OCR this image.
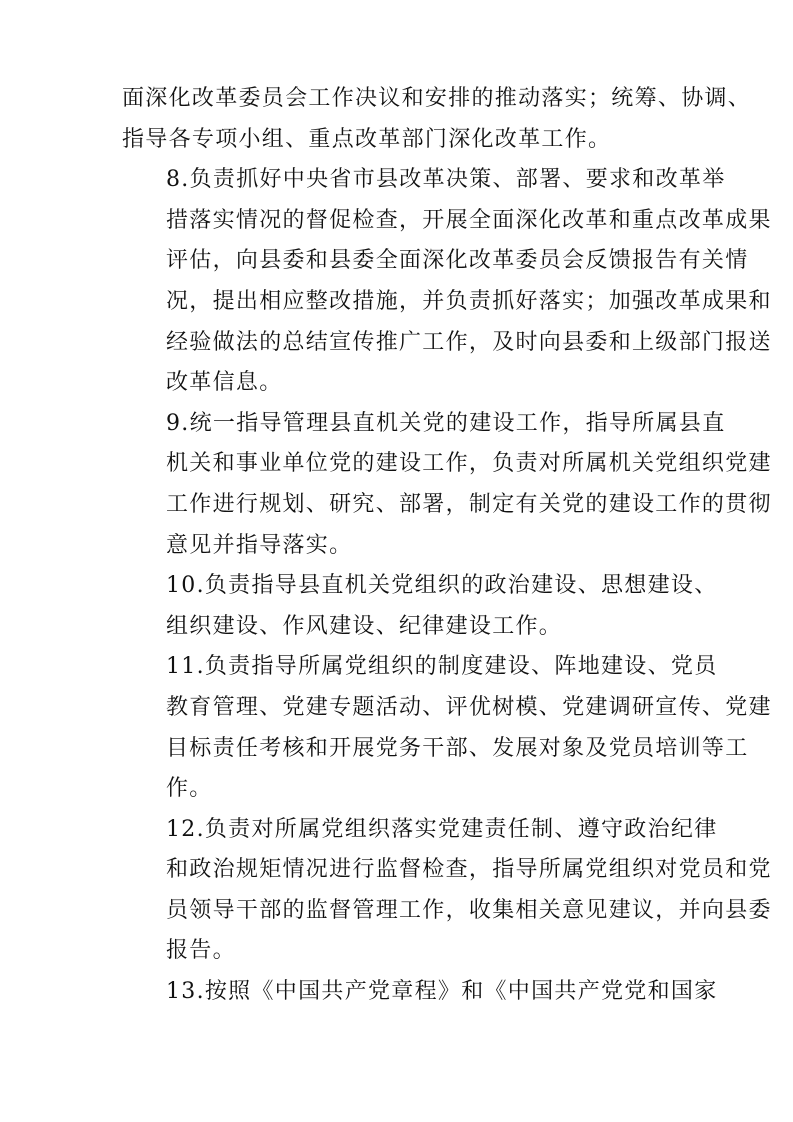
面深化改革委员会工作决议和安排的推动落实；统筹、协调、
指导各专项小组、重点改革部门深化改革工作。

8.负责抓好中央省市县改革决策、部署、要求和改革举
措落实情况的督促检查，开展全面深化改革和重点改革成果
评估，向县委和县委全面深化改革委员会反馈报告有关情
况，提出相应整改措施，并负责抓好落实；加强改革成果和
经验做法的总结宣传推广工作，及时向县委和上级部门报送
改革信息。

9.统一指导管理县直机关党的建设工作，指导所属县直
机关和事业单位党的建设工作，负责对所属机关党组织党建
工作进行规划、研究、部署，制定有关党的建设工作的贯彻
意见并指导落实。

10.负责指导县直机关党组织的政治建设、思想建设、
组织建设、作风建设、纪律建设工作。

11.负责指导所属党组织的制度建设、阵地建设、党员
教育管理、党建专题活动、评优树模、党建调研宣传、党建
目标责任考核和开展党务干部、发展对象及党员培训等工
作。

12.负责对所属党组织落实党建责任制、遵守政治纪律
和政治规矩情况进行监督检查，指导所属党组织对党员和党
员领导干部的监督管理工作，收集相关意见建议，并向县委
报告。

13.按照《中国共产党章程》和《中国共产党党和国家
